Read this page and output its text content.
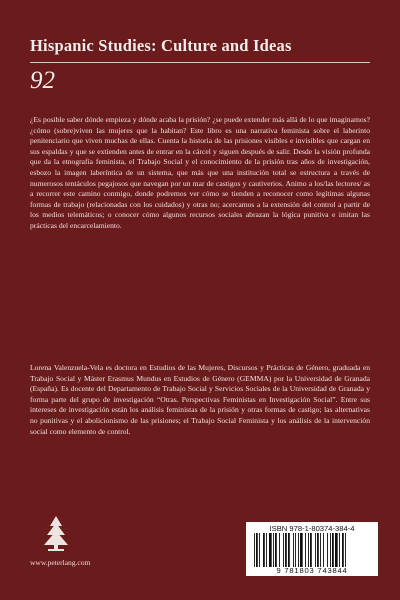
Hispanic Studies: Culture and Ideas
92

¿Es posible saber dónde empieza y dónde acaba la prisión? ¿se puede extender más allá de lo que imaginamos? ¿cómo (sobre)viven las mujeres que la habitan? Este libro es una narrativa feminista sobre el laberinto penitenciario que viven muchas de ellas. Cuenta la historia de las prisiones visibles e invisibles que cargan en sus espaldas y que se extienden antes de entrar en la cárcel y siguen después de salir. Desde la visión profunda que da la etnografía feminista, el Trabajo Social y el conocimiento de la prisión tras años de investigación, esbozo la imagen laberíntica de un sistema, que más que una institución total se estructura a través de numerosos tentáculos pegajosos que navegan por un mar de castigos y cautiverios. Animo a los/las lectores/ as a recorrer este camino conmigo, donde podremos ver cómo se tienden a reconocer como legítimas algunas formas de trabajo (relacionadas con los cuidados) y otras no; acercamos a la extensión del control a partir de los medios telemáticos; o conocer cómo algunos recursos sociales abrazan la lógica punitiva e imitan las prácticas del encarcelamiento.

Lorena Valenzuela-Vela es doctora en Estudios de las Mujeres, Discursos y Prácticas de Género, graduada en Trabajo Social y Máster Erasmus Mundus en Estudios de Género (GEMMA) por la Universidad de Granada (España). Es docente del Departamento de Trabajo Social y Servicios Sociales de la Universidad de Granada y forma parte del grupo de investigación “Otras. Perspectivas Feministas en Investigación Social”. Entre sus intereses de investigación están los análisis feministas de la prisión y otras formas de castigo; las alternativas no punitivas y el abolicionismo de las prisiones; el Trabajo Social Feminista y los análisis de la intervención social como elemento de control.

www.peterlang.com
ISBN 978-1-80374-384-4
9 781803 743844
